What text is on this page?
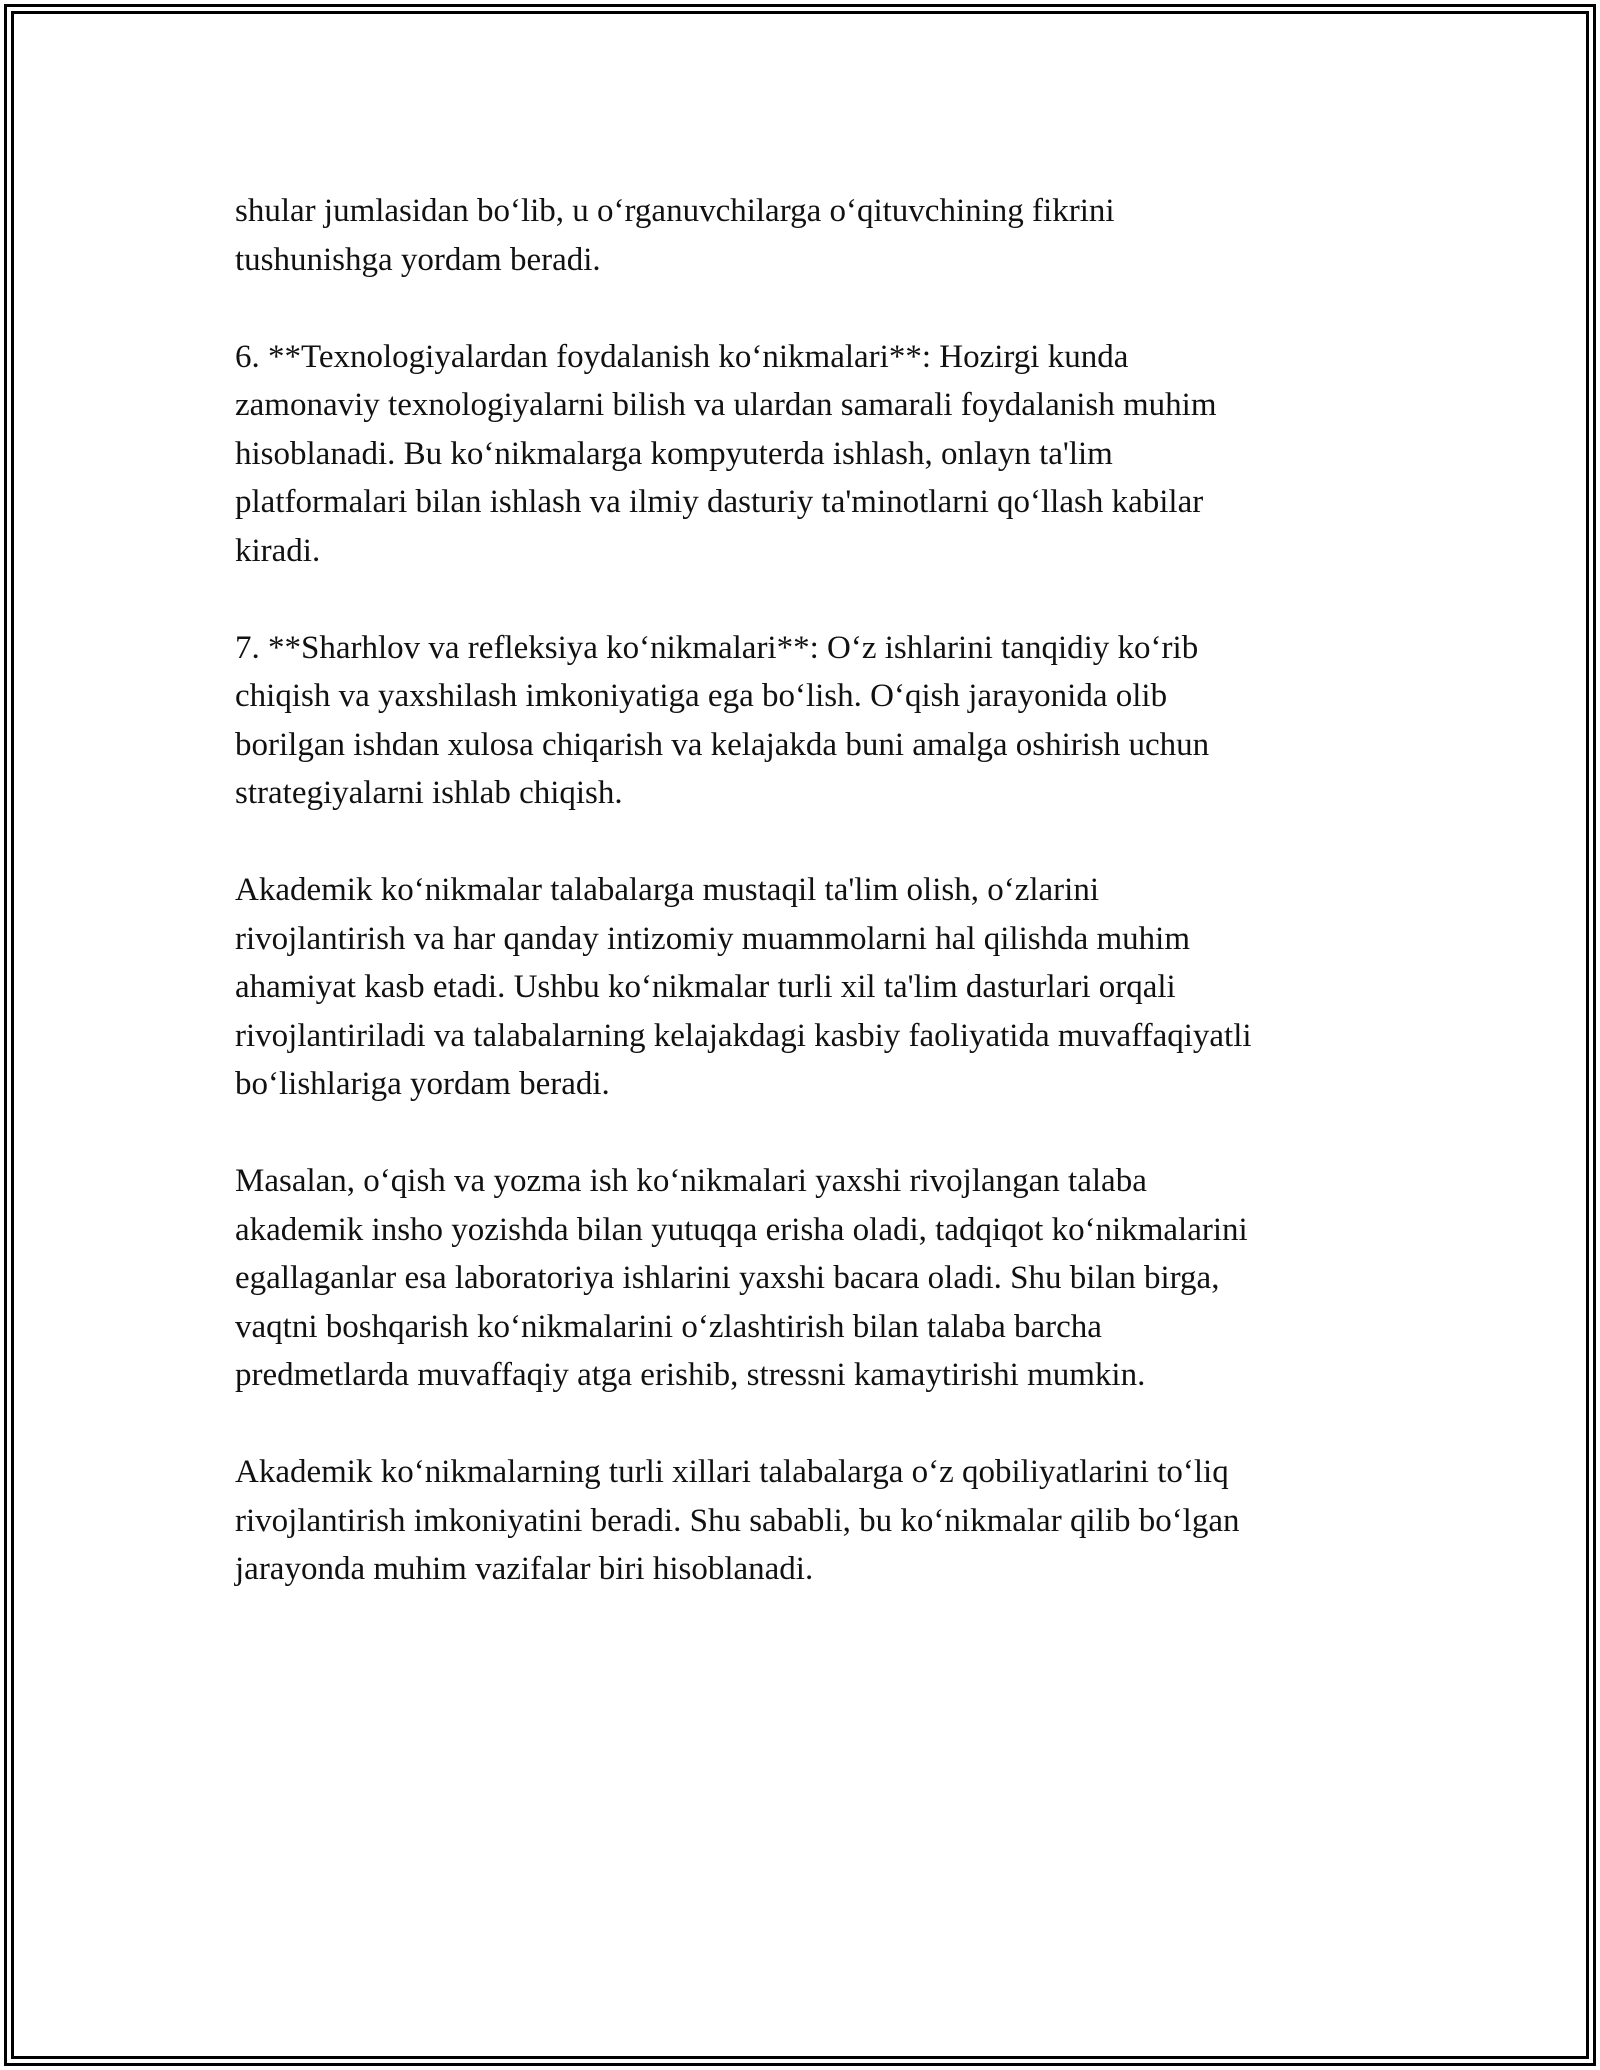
shular jumlasidan boʻlib, u oʻrganuvchilarga oʻqituvchining fikrini
tushunishga yordam beradi.

6. **Texnologiyalardan foydalanish koʻnikmalari**: Hozirgi kunda
zamonaviy texnologiyalarni bilish va ulardan samarali foydalanish muhim
hisoblanadi. Bu koʻnikmalarga kompyuterda ishlash, onlayn ta'lim
platformalari bilan ishlash va ilmiy dasturiy ta'minotlarni qoʻllash kabilar
kiradi.

7. **Sharhlov va refleksiya koʻnikmalari**: Oʻz ishlarini tanqidiy koʻrib
chiqish va yaxshilash imkoniyatiga ega boʻlish. Oʻqish jarayonida olib
borilgan ishdan xulosa chiqarish va kelajakda buni amalga oshirish uchun
strategiyalarni ishlab chiqish.

Akademik koʻnikmalar talabalarga mustaqil ta'lim olish, oʻzlarini
rivojlantirish va har qanday intizomiy muammolarni hal qilishda muhim
ahamiyat kasb etadi. Ushbu koʻnikmalar turli xil ta'lim dasturlari orqali
rivojlantiriladi va talabalarning kelajakdagi kasbiy faoliyatida muvaffaqiyatli
boʻlishlariga yordam beradi.

Masalan, oʻqish va yozma ish koʻnikmalari yaxshi rivojlangan talaba
akademik insho yozishda bilan yutuqqa erisha oladi, tadqiqot koʻnikmalarini
egallaganlar esa laboratoriya ishlarini yaxshi bacara oladi. Shu bilan birga,
vaqtni boshqarish koʻnikmalarini oʻzlashtirish bilan talaba barcha
predmetlarda muvaffaqiy atga erishib, stressni kamaytirishi mumkin.

Akademik koʻnikmalarning turli xillari talabalarga oʻz qobiliyatlarini toʻliq
rivojlantirish imkoniyatini beradi. Shu sababli, bu koʻnikmalar qilib boʻlgan
jarayonda muhim vazifalar biri hisoblanadi.
